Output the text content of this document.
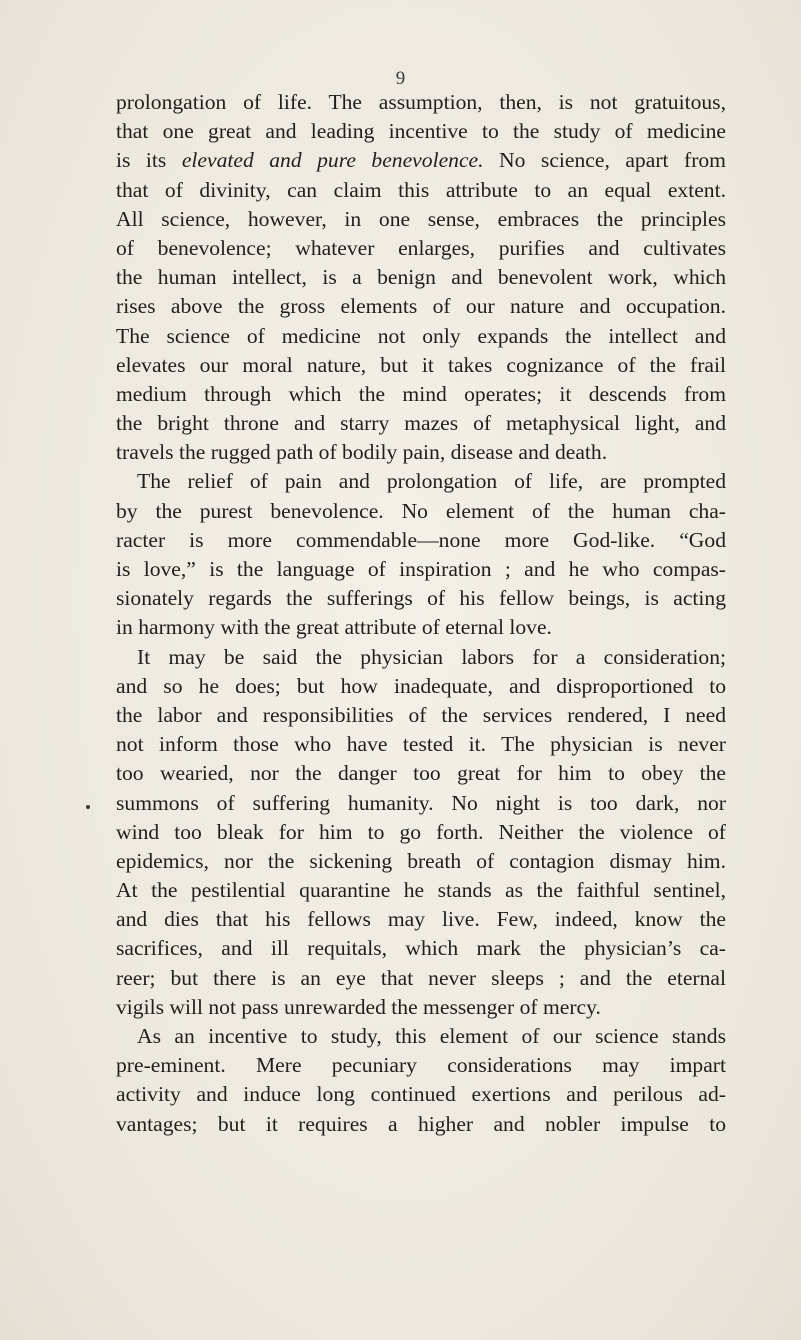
9
prolongation of life. The assumption, then, is not gratuitous,
that one great and leading incentive to the study of medicine
is its elevated and pure benevolence. No science, apart from
that of divinity, can claim this attribute to an equal extent.
All science, however, in one sense, embraces the principles
of benevolence; whatever enlarges, purifies and cultivates
the human intellect, is a benign and benevolent work, which
rises above the gross elements of our nature and occupation.
The science of medicine not only expands the intellect and
elevates our moral nature, but it takes cognizance of the frail
medium through which the mind operates; it descends from
the bright throne and starry mazes of metaphysical light, and
travels the rugged path of bodily pain, disease and death.
The relief of pain and prolongation of life, are prompted
by the purest benevolence. No element of the human cha-
racter is more commendable—none more God-like. “God
is love,” is the language of inspiration ; and he who compas-
sionately regards the sufferings of his fellow beings, is acting
in harmony with the great attribute of eternal love.
It may be said the physician labors for a consideration;
and so he does; but how inadequate, and disproportioned to
the labor and responsibilities of the services rendered, I need
not inform those who have tested it. The physician is never
too wearied, nor the danger too great for him to obey the
summons of suffering humanity. No night is too dark, nor
wind too bleak for him to go forth. Neither the violence of
epidemics, nor the sickening breath of contagion dismay him.
At the pestilential quarantine he stands as the faithful sentinel,
and dies that his fellows may live. Few, indeed, know the
sacrifices, and ill requitals, which mark the physician’s ca-
reer; but there is an eye that never sleeps ; and the eternal
vigils will not pass unrewarded the messenger of mercy.
As an incentive to study, this element of our science stands
pre-eminent. Mere pecuniary considerations may impart
activity and induce long continued exertions and perilous ad-
vantages; but it requires a higher and nobler impulse to
